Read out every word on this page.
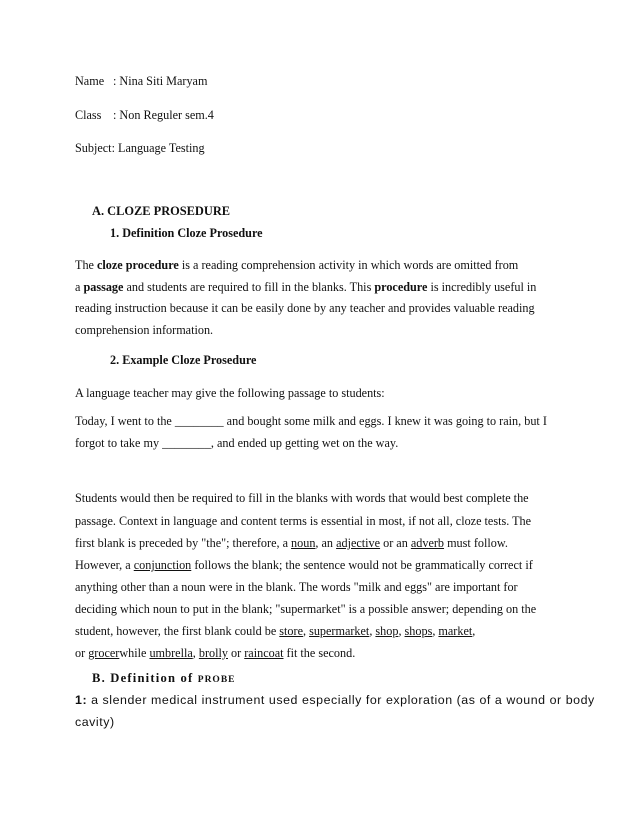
Name : Nina Siti Maryam
Class : Non Reguler sem.4
Subject: Language Testing
A. CLOZE PROSEDURE
1. Definition Cloze Prosedure
The cloze procedure is a reading comprehension activity in which words are omitted from
a passage and students are required to fill in the blanks. This procedure is incredibly useful in
reading instruction because it can be easily done by any teacher and provides valuable reading
comprehension information.
2. Example Cloze Prosedure
A language teacher may give the following passage to students:
Today, I went to the ________ and bought some milk and eggs. I knew it was going to rain, but I
forgot to take my ________, and ended up getting wet on the way.
Students would then be required to fill in the blanks with words that would best complete the
passage. Context in language and content terms is essential in most, if not all, cloze tests. The
first blank is preceded by "the"; therefore, a noun, an adjective or an adverb must follow.
However, a conjunction follows the blank; the sentence would not be grammatically correct if
anything other than a noun were in the blank. The words "milk and eggs" are important for
deciding which noun to put in the blank; "supermarket" is a possible answer; depending on the
student, however, the first blank could be store, supermarket, shop, shops, market,
or grocerwhile umbrella, brolly or raincoat fit the second.
B. Definition of PROBE
1: a slender medical instrument used especially for exploration (as of a wound or body
cavity)
